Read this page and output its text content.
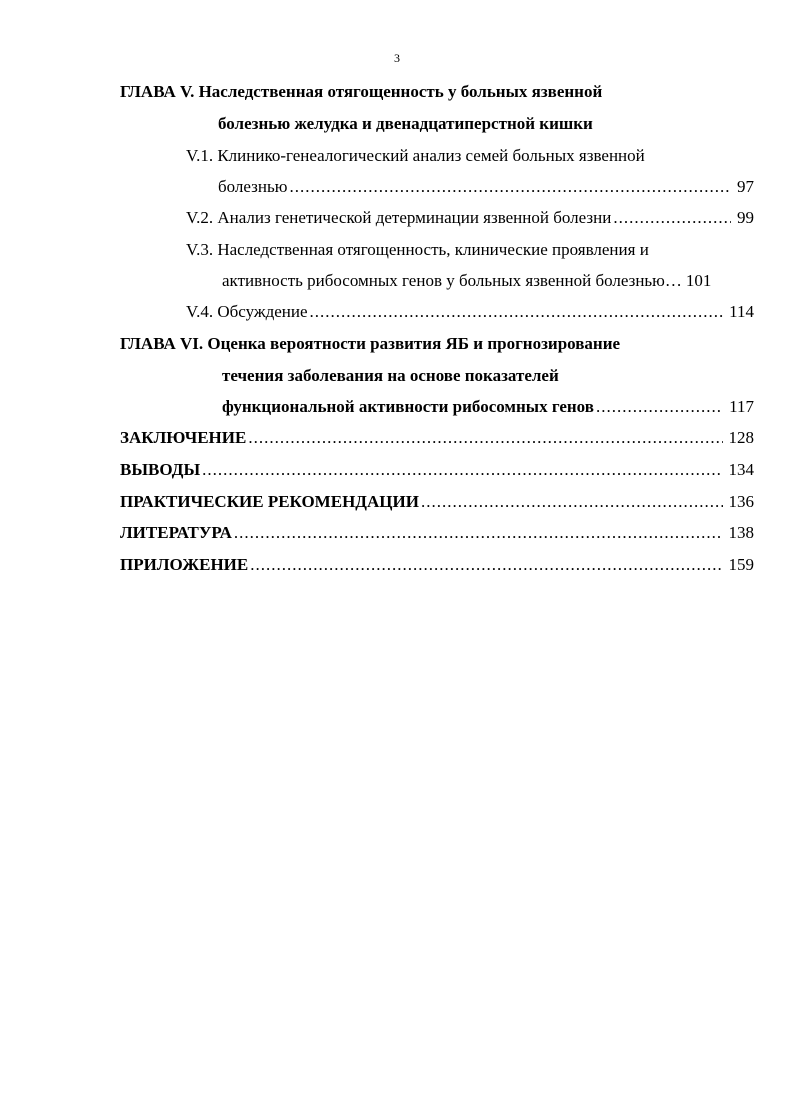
3
ГЛАВА V. Наследственная отягощенность у больных язвенной
болезнью желудка и двенадцатиперстной кишки
V.1. Клинико-генеалогический анализ семей больных язвенной
болезнью .....	97
V.2. Анализ генетической детерминации язвенной болезни .....	99
V.3. Наследственная отягощенность, клинические проявления и
активность рибосомных генов у больных язвенной болезнью… 101
V.4. Обсуждение .....	114
ГЛАВА VI. Оценка вероятности развития ЯБ и прогнозирование
течения заболевания на основе показателей
функциональной активности рибосомных генов .....	117
ЗАКЛЮЧЕНИЕ .....	128
ВЫВОДЫ .....	134
ПРАКТИЧЕСКИЕ РЕКОМЕНДАЦИИ .....	136
ЛИТЕРАТУРА .....	138
ПРИЛОЖЕНИЕ .....	159
